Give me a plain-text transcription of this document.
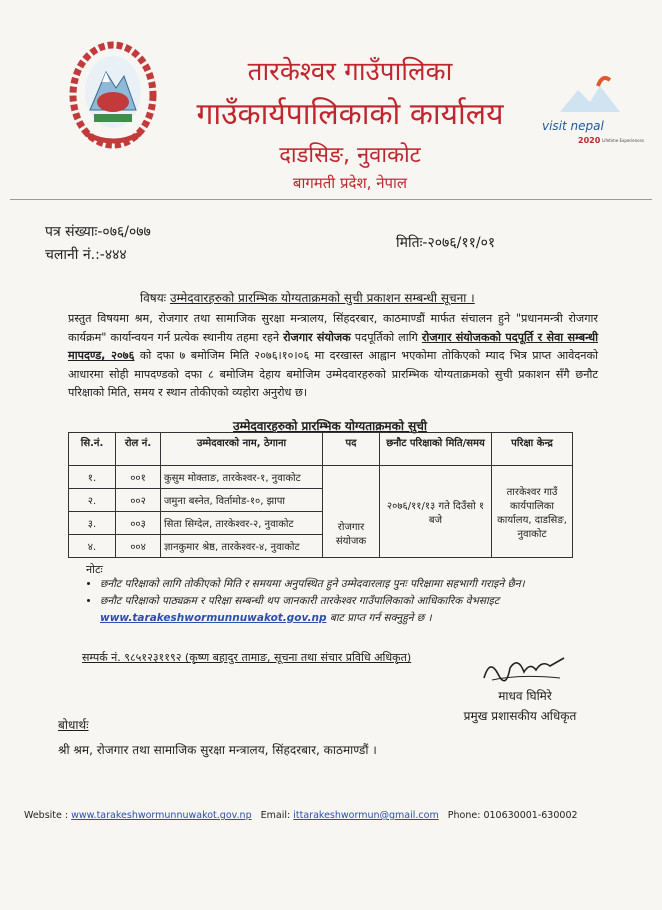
तारकेश्वर गाउँपालिका
गाउँकार्यपालिकाको कार्यालय
दाडसिङ, नुवाकोट
बागमती प्रदेश, नेपाल
visit nepal
2020 Lifetime Experiences
पत्र संख्याः-०७६/०७७
चलानी नं.:-४४४
मितिः-२०७६/११/०१
विषयः उम्मेदवारहरुको प्रारम्भिक योग्यताक्रमको सुची प्रकाशन सम्बन्धी सूचना ।
प्रस्तुत विषयमा श्रम, रोजगार तथा सामाजिक सुरक्षा मन्त्रालय, सिंहदरबार, काठमाण्डौं मार्फत संचालन हुने "प्रधानमन्त्री रोजगार कार्यक्रम" कार्यान्वयन गर्न प्रत्येक स्थानीय तहमा रहने रोजगार संयोजक पदपूर्तिको लागि रोजगार संयोजकको पदपूर्ति र सेवा सम्बन्धी मापदण्ड, २०७६ को दफा ७ बमोजिम मिति २०७६।१०।०६ मा दरखास्त आह्वान भएकोमा तोकिएको म्याद भित्र प्राप्त आवेदनको आधारमा सोही मापदण्डको दफा ८ बमोजिम देहाय बमोजिम उम्मेदवारहरुको प्रारम्भिक योग्यताक्रमको सुची प्रकाशन सँगै छनौट परिक्षाको मिति, समय र स्थान तोकीएको व्यहोरा अनुरोध छ।
उम्मेदवारहरुको प्रारम्भिक योग्यताक्रमको सुची
सि.नं.	रोल नं.	उम्मेदवारको नाम, ठेगाना	पद	छनौट परिक्षाको मिति/समय	परिक्षा केन्द्र
१.	००१	कुसुम मोक्ताङ, तारकेश्वर-१, नुवाकोट	रोजगार संयोजक	२०७६/११/१३ गते दिउँसो १ बजे	तारकेश्वर गाउँ कार्यपालिका कार्यालय, दाडसिङ, नुवाकोट
२.	००२	जमुना बस्नेत, विर्तामोड-१०, झापा			
३.	००३	सिता सिग्देल, तारकेश्वर-२, नुवाकोट			
४.	००४	ज्ञानकुमार श्रेष्ठ, तारकेश्वर-४, नुवाकोट			
नोटः
• छनौट परिक्षाको लागि तोकीएको मिति र समयमा अनुपस्थित हुने उम्मेदवारलाइ पुनः परिक्षामा सहभागी गराइने छैन।
• छनौट परिक्षाको पाठ्यक्रम र परिक्षा सम्बन्धी थप जानकारी तारकेश्वर गाउँपालिकाको आधिकारिक वेभसाइट www.tarakeshwormunnuwakot.gov.np बाट प्राप्त गर्न सक्नुहुने छ ।
सम्पर्क नं. ९८५१२३११९२ (कृष्ण बहादुर तामाङ, सूचना तथा संचार प्रविधि अधिकृत)
माधव घिमिरे
प्रमुख प्रशासकीय अधिकृत
बोधार्थः
श्री श्रम, रोजगार तथा सामाजिक सुरक्षा मन्त्रालय, सिंहदरबार, काठमाण्डौं ।
Website : www.tarakeshwormunnuwakot.gov.np Email: ittarakeshwormun@gmail.com Phone: 010630001-630002
